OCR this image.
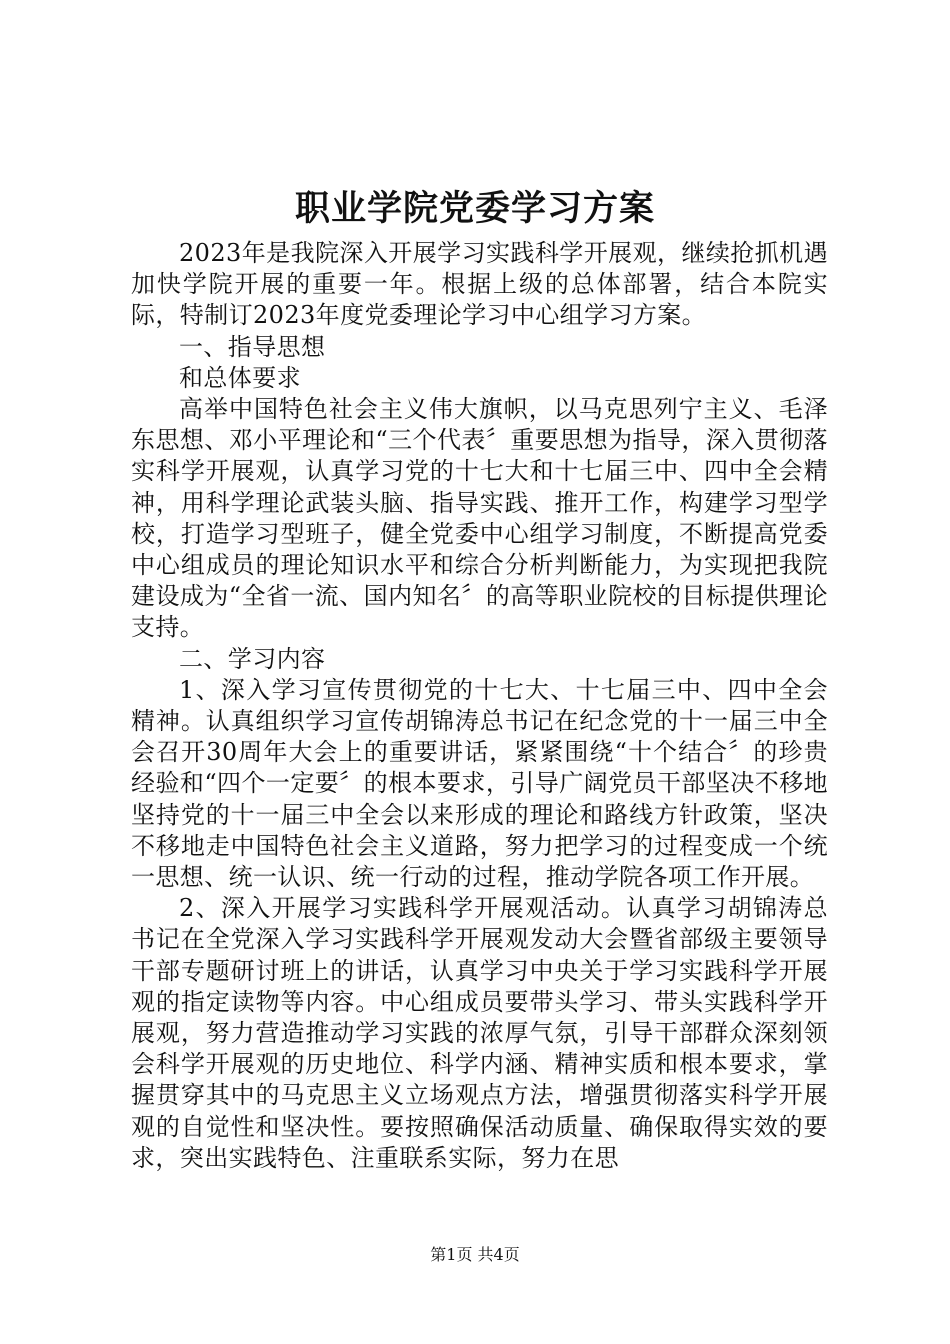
职业学院党委学习方案

2023年是我院深入开展学习实践科学开展观，继续抢抓机遇加快学院开展的重要一年。根据上级的总体部署，结合本院实际，特制订2023年度党委理论学习中心组学习方案。

一、指导思想

和总体要求

高举中国特色社会主义伟大旗帜，以马克思列宁主义、毛泽东思想、邓小平理论和“三个代表〞重要思想为指导，深入贯彻落实科学开展观，认真学习党的十七大和十七届三中、四中全会精神，用科学理论武装头脑、指导实践、推开工作，构建学习型学校，打造学习型班子，健全党委中心组学习制度，不断提高党委中心组成员的理论知识水平和综合分析判断能力，为实现把我院建设成为“全省一流、国内知名〞的高等职业院校的目标提供理论支持。

二、学习内容

1、深入学习宣传贯彻党的十七大、十七届三中、四中全会精神。认真组织学习宣传胡锦涛总书记在纪念党的十一届三中全会召开30周年大会上的重要讲话，紧紧围绕“十个结合〞的珍贵经验和“四个一定要〞的根本要求，引导广阔党员干部坚决不移地坚持党的十一届三中全会以来形成的理论和路线方针政策，坚决不移地走中国特色社会主义道路，努力把学习的过程变成一个统一思想、统一认识、统一行动的过程，推动学院各项工作开展。

2、深入开展学习实践科学开展观活动。认真学习胡锦涛总书记在全党深入学习实践科学开展观发动大会暨省部级主要领导干部专题研讨班上的讲话，认真学习中央关于学习实践科学开展观的指定读物等内容。中心组成员要带头学习、带头实践科学开展观，努力营造推动学习实践的浓厚气氛，引导干部群众深刻领会科学开展观的历史地位、科学内涵、精神实质和根本要求，掌握贯穿其中的马克思主义立场观点方法，增强贯彻落实科学开展观的自觉性和坚决性。要按照确保活动质量、确保取得实效的要求，突出实践特色、注重联系实际，努力在思

第1页 共4页
